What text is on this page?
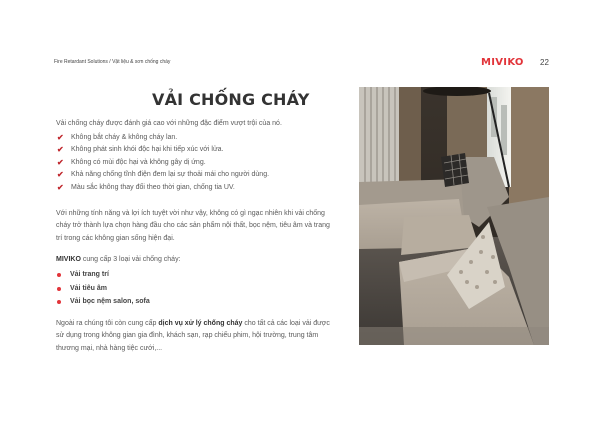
Fire Retardant Solutions / Vật liệu & sơn chống cháy	MIVIKO 22
VẢI CHỐNG CHÁY

Vải chống cháy được đánh giá cao với những đặc điểm vượt trội của nó.

✔ Không bắt cháy & không cháy lan.
✔ Không phát sinh khói độc hại khi tiếp xúc với lửa.
✔ Không có mùi độc hại và không gây dị ứng.
✔ Khả năng chống tĩnh điện đem lại sự thoải mái cho người dùng.
✔ Màu sắc không thay đổi theo thời gian, chống tia UV.

Với những tính năng và lợi ích tuyệt vời như vậy, không có gì ngạc nhiên khi vải chống cháy trở thành lựa chọn hàng đầu cho các sản phẩm nội thất, bọc nệm, tiêu âm và trang trí trong các không gian sống hiện đại.

MIVIKO cung cấp 3 loại vải chống cháy:

Vải trang trí
Vải tiêu âm
Vải bọc nệm salon, sofa

Ngoài ra chúng tôi còn cung cấp dịch vụ xử lý chống cháy cho tất cả các loại vải được sử dụng trong không gian gia đình, khách sạn, rạp chiếu phim, hội trường, trung tâm thương mại, nhà hàng tiệc cưới,...
